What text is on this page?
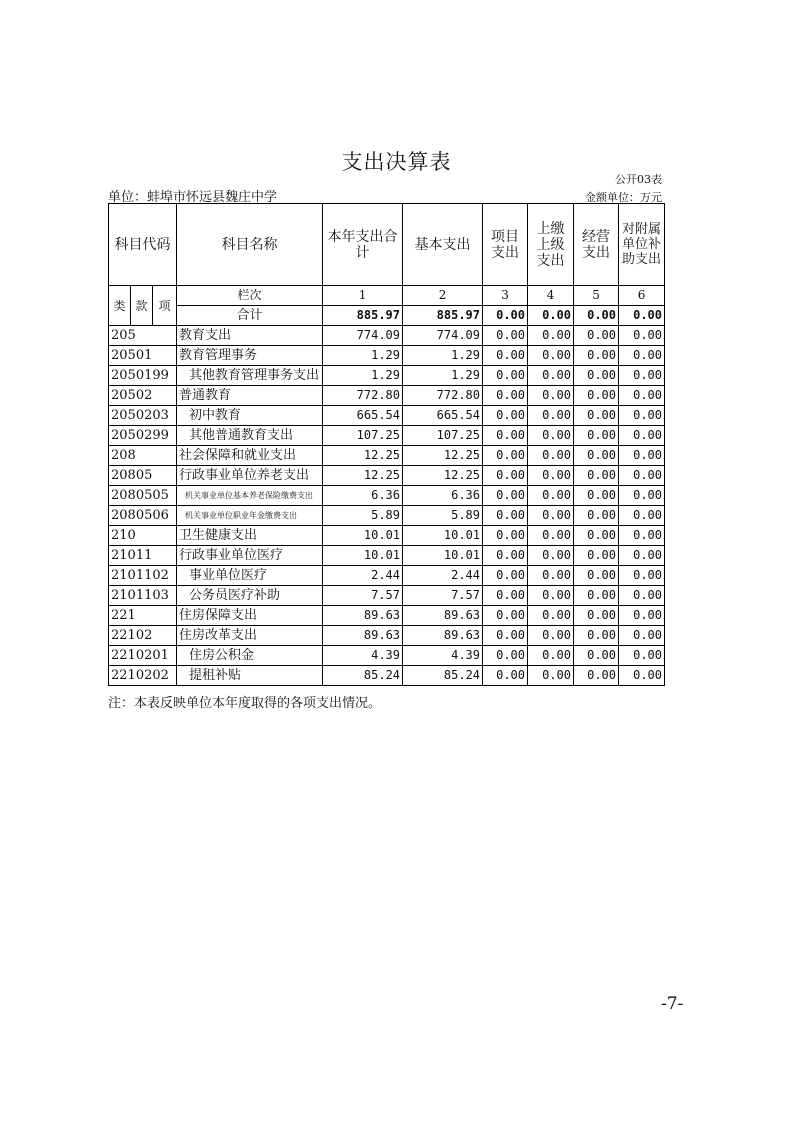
支出决算表
公开03表
单位：蚌埠市怀远县魏庄中学	金额单位：万元
科目代码			科目名称	本年支出合计	基本支出	项目支出	上缴上级支出	经营支出	对附属单位补助支出
类	款	项	栏次	1	2	3	4	5	6
			合计	885.97	885.97	0.00	0.00	0.00	0.00
205			教育支出	774.09	774.09	0.00	0.00	0.00	0.00
20501			教育管理事务	1.29	1.29	0.00	0.00	0.00	0.00
2050199			其他教育管理事务支出	1.29	1.29	0.00	0.00	0.00	0.00
20502			普通教育	772.80	772.80	0.00	0.00	0.00	0.00
2050203			初中教育	665.54	665.54	0.00	0.00	0.00	0.00
2050299			其他普通教育支出	107.25	107.25	0.00	0.00	0.00	0.00
208			社会保障和就业支出	12.25	12.25	0.00	0.00	0.00	0.00
20805			行政事业单位养老支出	12.25	12.25	0.00	0.00	0.00	0.00
2080505			机关事业单位基本养老保险缴费支出	6.36	6.36	0.00	0.00	0.00	0.00
2080506			机关事业单位职业年金缴费支出	5.89	5.89	0.00	0.00	0.00	0.00
210			卫生健康支出	10.01	10.01	0.00	0.00	0.00	0.00
21011			行政事业单位医疗	10.01	10.01	0.00	0.00	0.00	0.00
2101102			事业单位医疗	2.44	2.44	0.00	0.00	0.00	0.00
2101103			公务员医疗补助	7.57	7.57	0.00	0.00	0.00	0.00
221			住房保障支出	89.63	89.63	0.00	0.00	0.00	0.00
22102			住房改革支出	89.63	89.63	0.00	0.00	0.00	0.00
2210201			住房公积金	4.39	4.39	0.00	0.00	0.00	0.00
2210202			提租补贴	85.24	85.24	0.00	0.00	0.00	0.00
注：本表反映单位本年度取得的各项支出情况。
-7-
